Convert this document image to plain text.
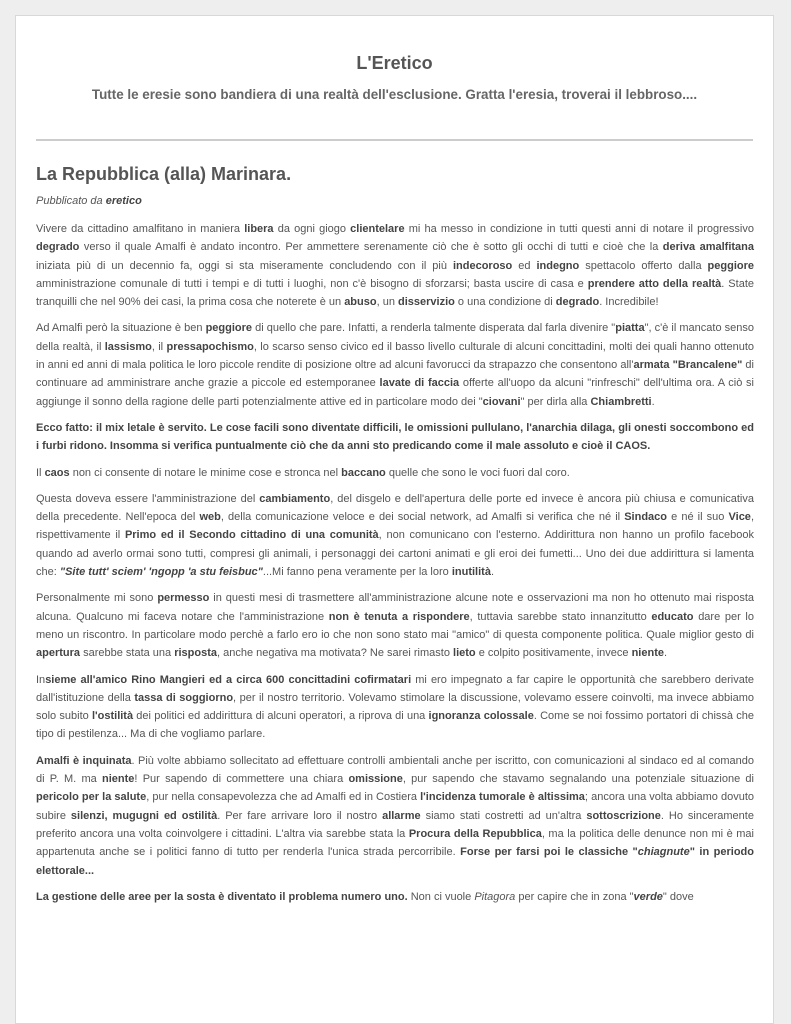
L'Eretico
Tutte le eresie sono bandiera di una realtà dell'esclusione. Gratta l'eresia, troverai il lebbroso....
La Repubblica (alla) Marinara.
Pubblicato da eretico

Vivere da cittadino amalfitano in maniera libera da ogni giogo clientelare mi ha messo in condizione in tutti questi anni di notare il progressivo degrado verso il quale Amalfi è andato incontro. Per ammettere serenamente ciò che è sotto gli occhi di tutti e cioè che la deriva amalfitana iniziata più di un decennio fa, oggi si sta miseramente concludendo con il più indecoroso ed indegno spettacolo offerto dalla peggiore amministrazione comunale di tutti i tempi e di tutti i luoghi, non c'è bisogno di sforzarsi; basta uscire di casa e prendere atto della realtà. State tranquilli che nel 90% dei casi, la prima cosa che noterete è un abuso, un disservizio o una condizione di degrado. Incredibile!

Ad Amalfi però la situazione è ben peggiore di quello che pare. Infatti, a renderla talmente disperata dal farla divenire "piatta", c'è il mancato senso della realtà, il lassismo, il pressapochismo, lo scarso senso civico ed il basso livello culturale di alcuni concittadini, molti dei quali hanno ottenuto in anni ed anni di mala politica le loro piccole rendite di posizione oltre ad alcuni favorucci da strapazzo che consentono all'armata "Brancalene" di continuare ad amministrare anche grazie a piccole ed estemporanee lavate di faccia offerte all'uopo da alcuni "rinfreschi" dell'ultima ora. A ciò si aggiunge il sonno della ragione delle parti potenzialmente attive ed in particolare modo dei "ciovani" per dirla alla Chiambretti.

Ecco fatto: il mix letale è servito. Le cose facili sono diventate difficili, le omissioni pullulano, l'anarchia dilaga, gli onesti soccombono ed i furbi ridono. Insomma si verifica puntualmente ciò che da anni sto predicando come il male assoluto e cioè il CAOS.

Il caos non ci consente di notare le minime cose e stronca nel baccano quelle che sono le voci fuori dal coro.

Questa doveva essere l'amministrazione del cambiamento, del disgelo e dell'apertura delle porte ed invece è ancora più chiusa e comunicativa della precedente. Nell'epoca del web, della comunicazione veloce e dei social network, ad Amalfi si verifica che né il Sindaco e né il suo Vice, rispettivamente il Primo ed il Secondo cittadino di una comunità, non comunicano con l'esterno. Addirittura non hanno un profilo facebook quando ad averlo ormai sono tutti, compresi gli animali, i personaggi dei cartoni animati e gli eroi dei fumetti... Uno dei due addirittura si lamenta che: "Site tutt' sciem' 'ngopp 'a stu feisbuc"...Mi fanno pena veramente per la loro inutilità.

Personalmente mi sono permesso in questi mesi di trasmettere all'amministrazione alcune note e osservazioni ma non ho ottenuto mai risposta alcuna. Qualcuno mi faceva notare che l'amministrazione non è tenuta a rispondere, tuttavia sarebbe stato innanzitutto educato dare per lo meno un riscontro. In particolare modo perchè a farlo ero io che non sono stato mai "amico" di questa componente politica. Quale miglior gesto di apertura sarebbe stata una risposta, anche negativa ma motivata? Ne sarei rimasto lieto e colpito positivamente, invece niente.

Insieme all'amico Rino Mangieri ed a circa 600 concittadini cofirmatari mi ero impegnato a far capire le opportunità che sarebbero derivate dall'istituzione della tassa di soggiorno, per il nostro territorio. Volevamo stimolare la discussione, volevamo essere coinvolti, ma invece abbiamo solo subito l'ostilità dei politici ed addirittura di alcuni operatori, a riprova di una ignoranza colossale. Come se noi fossimo portatori di chissà che tipo di pestilenza... Ma di che vogliamo parlare.

Amalfi è inquinata. Più volte abbiamo sollecitato ad effettuare controlli ambientali anche per iscritto, con comunicazioni al sindaco ed al comando di P. M. ma niente! Pur sapendo di commettere una chiara omissione, pur sapendo che stavamo segnalando una potenziale situazione di pericolo per la salute, pur nella consapevolezza che ad Amalfi ed in Costiera l'incidenza tumorale è altissima; ancora una volta abbiamo dovuto subire silenzi, mugugni ed ostilità. Per fare arrivare loro il nostro allarme siamo stati costretti ad un'altra sottoscrizione. Ho sinceramente preferito ancora una volta coinvolgere i cittadini. L'altra via sarebbe stata la Procura della Repubblica, ma la politica delle denunce non mi è mai appartenuta anche se i politici fanno di tutto per renderla l'unica strada percorribile. Forse per farsi poi le classiche "chiagnute" in periodo elettorale...

La gestione delle aree per la sosta è diventato il problema numero uno. Non ci vuole Pitagora per capire che in zona "verde" dove
